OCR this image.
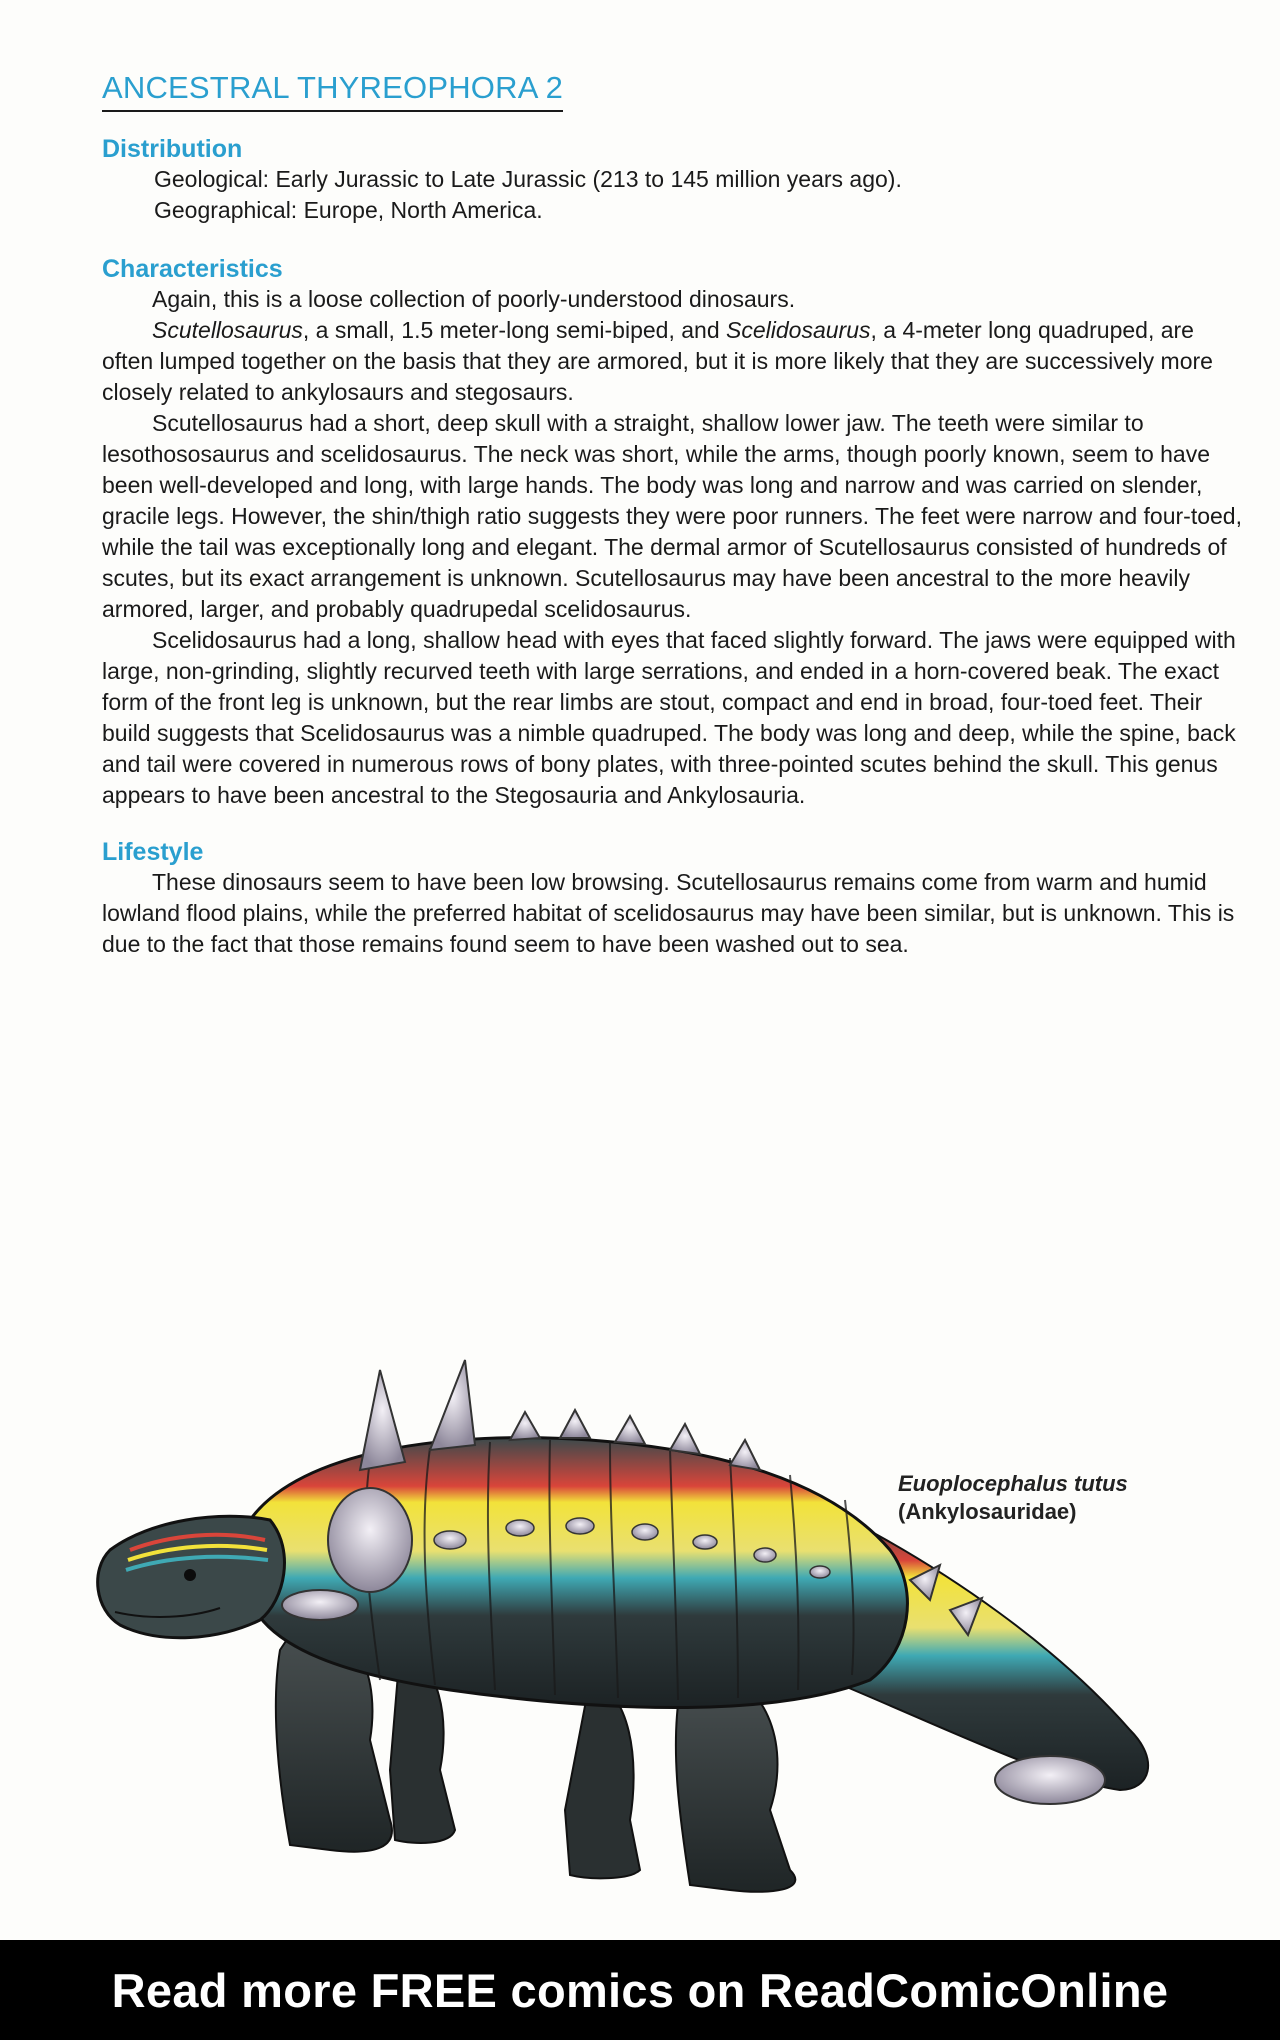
ANCESTRAL THYREOPHORA 2
Distribution

Geological: Early Jurassic to Late Jurassic (213 to 145 million years ago).

Geographical: Europe, North America.

Characteristics

Again, this is a loose collection of poorly-understood dinosaurs.

Scutellosaurus, a small, 1.5 meter-long semi-biped, and Scelidosaurus, a 4-meter long quadruped, are often lumped together on the basis that they are armored, but it is more likely that they are successively more closely related to ankylosaurs and stegosaurs.

Scutellosaurus had a short, deep skull with a straight, shallow lower jaw. The teeth were similar to lesothososaurus and scelidosaurus. The neck was short, while the arms, though poorly known, seem to have been well-developed and long, with large hands. The body was long and narrow and was carried on slender, gracile legs. However, the shin/thigh ratio suggests they were poor runners. The feet were narrow and four-toed, while the tail was exceptionally long and elegant. The dermal armor of Scutellosaurus consisted of hundreds of scutes, but its exact arrangement is unknown. Scutellosaurus may have been ancestral to the more heavily armored, larger, and probably quadrupedal scelidosaurus.

Scelidosaurus had a long, shallow head with eyes that faced slightly forward. The jaws were equipped with large, non-grinding, slightly recurved teeth with large serrations, and ended in a horn-covered beak. The exact form of the front leg is unknown, but the rear limbs are stout, compact and end in broad, four-toed feet. Their build suggests that Scelidosaurus was a nimble quadruped. The body was long and deep, while the spine, back and tail were covered in numerous rows of bony plates, with three-pointed scutes behind the skull. This genus appears to have been ancestral to the Stegosauria and Ankylosauria.

Lifestyle

These dinosaurs seem to have been low browsing. Scutellosaurus remains come from warm and humid lowland flood plains, while the preferred habitat of scelidosaurus may have been similar, but is unknown. This is due to the fact that those remains found seem to have been washed out to sea.

Euoplocephalus tutus
(Ankylosauridae)
Read more FREE comics on ReadComicOnline
